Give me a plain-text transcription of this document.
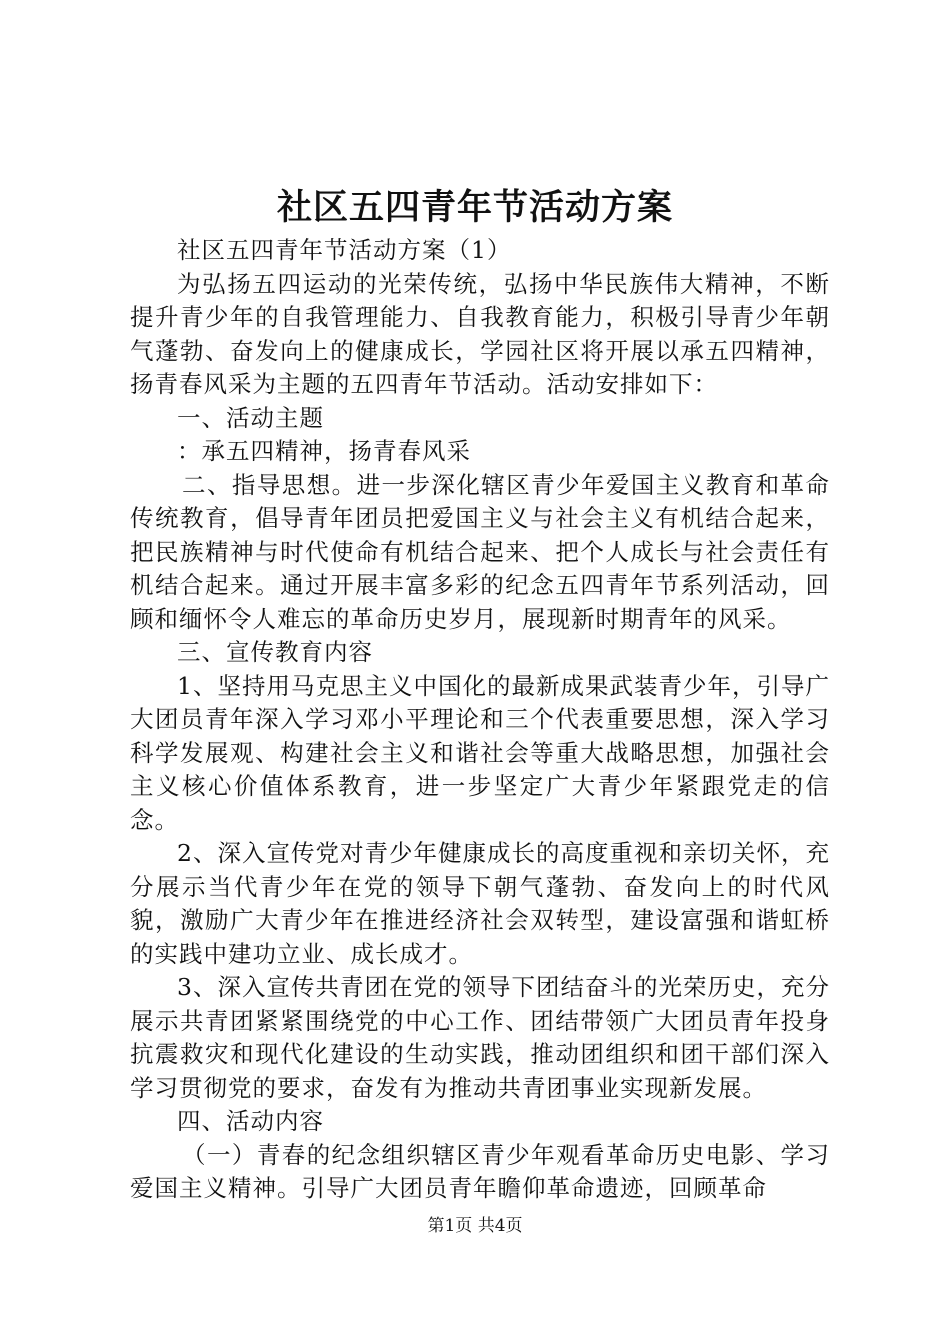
社区五四青年节活动方案

社区五四青年节活动方案（1）

为弘扬五四运动的光荣传统，弘扬中华民族伟大精神，不断提升青少年的自我管理能力、自我教育能力，积极引导青少年朝气蓬勃、奋发向上的健康成长，学园社区将开展以承五四精神，扬青春风采为主题的五四青年节活动。活动安排如下：

一、活动主题

：承五四精神，扬青春风采

二、指导思想。进一步深化辖区青少年爱国主义教育和革命传统教育，倡导青年团员把爱国主义与社会主义有机结合起来，把民族精神与时代使命有机结合起来、把个人成长与社会责任有机结合起来。通过开展丰富多彩的纪念五四青年节系列活动，回顾和缅怀令人难忘的革命历史岁月，展现新时期青年的风采。

三、宣传教育内容

1、坚持用马克思主义中国化的最新成果武装青少年，引导广大团员青年深入学习邓小平理论和三个代表重要思想，深入学习科学发展观、构建社会主义和谐社会等重大战略思想，加强社会主义核心价值体系教育，进一步坚定广大青少年紧跟党走的信念。

2、深入宣传党对青少年健康成长的高度重视和亲切关怀，充分展示当代青少年在党的领导下朝气蓬勃、奋发向上的时代风貌，激励广大青少年在推进经济社会双转型，建设富强和谐虹桥的实践中建功立业、成长成才。

3、深入宣传共青团在党的领导下团结奋斗的光荣历史，充分展示共青团紧紧围绕党的中心工作、团结带领广大团员青年投身抗震救灾和现代化建设的生动实践，推动团组织和团干部们深入学习贯彻党的要求，奋发有为推动共青团事业实现新发展。

四、活动内容

（一）青春的纪念组织辖区青少年观看革命历史电影、学习爱国主义精神。引导广大团员青年瞻仰革命遗迹，回顾革命

第1页 共4页
